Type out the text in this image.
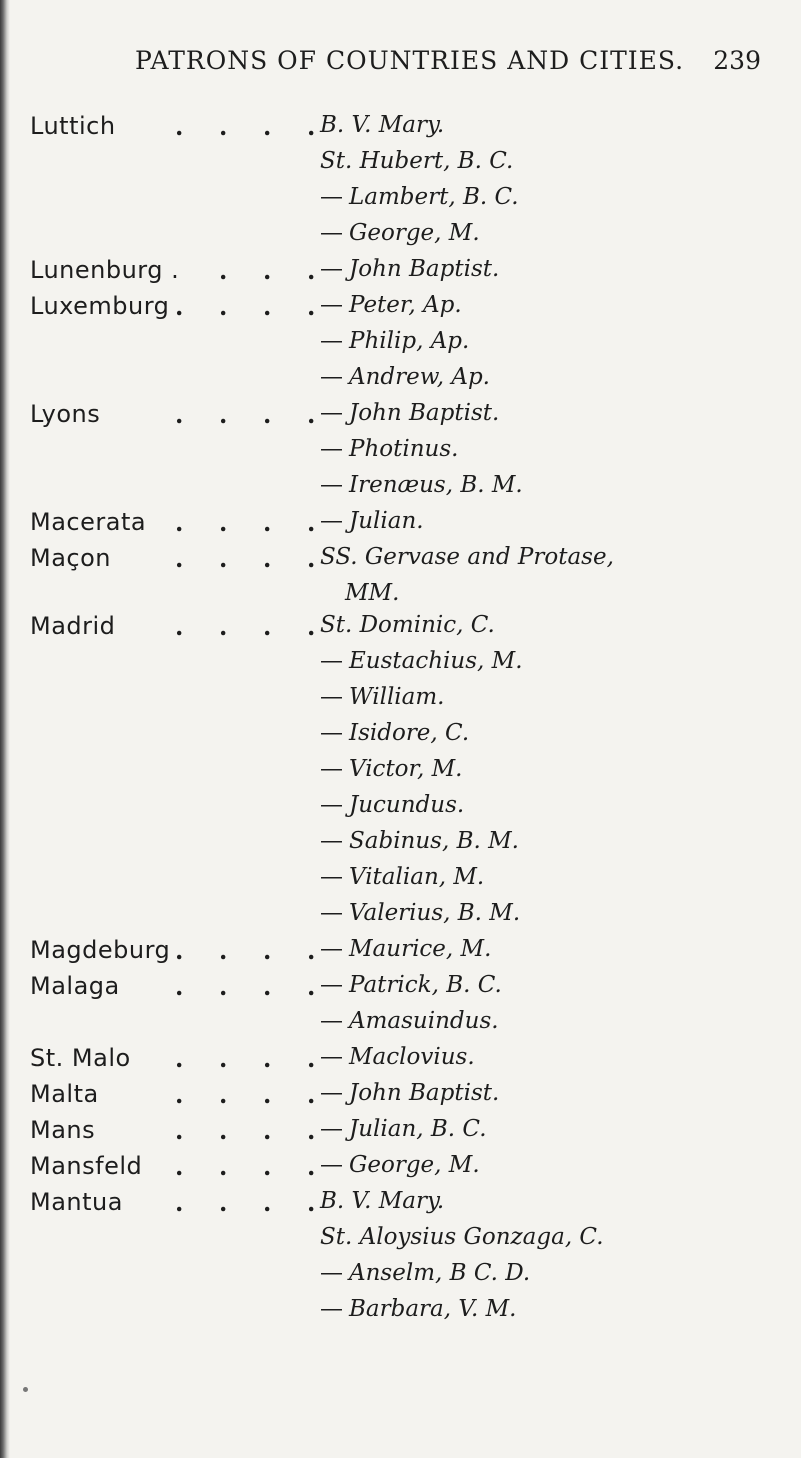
PATRONS OF COUNTRIES AND CITIES. 239
Luttich . . . . B. V. Mary.
St. Hubert, B. C.
— Lambert, B. C.
— George, M.
Lunenburg .	. . . — John Baptist.
Luxemburg . . . . — Peter, Ap.
— Philip, Ap.
— Andrew, Ap.
Lyons	. . . . — John Baptist.
— Photinus.
— Irenæus, B. M.
Macerata . . . . — Julian.
Maçon	. . . . SS. Gervase and Protase,
MM.
Madrid . . . . St. Dominic, C.
— Eustachius, M.
— William.
— Isidore, C.
— Victor, M.
— Jucundus.
— Sabinus, B. M.
— Vitalian, M.
— Valerius, B. M.
Magdeburg . . . . — Maurice, M.
Malaga . . . . — Patrick, B. C.
— Amasuindus.
St. Malo . . . . — Maclovius.
Malta	. . . . — John Baptist.
Mans	. . . . — Julian, B. C.
Mansfeld . . . . — George, M.
Mantua . . . . B. V. Mary.
St. Aloysius Gonzaga, C.
— Anselm, B C. D.
— Barbara, V. M.
